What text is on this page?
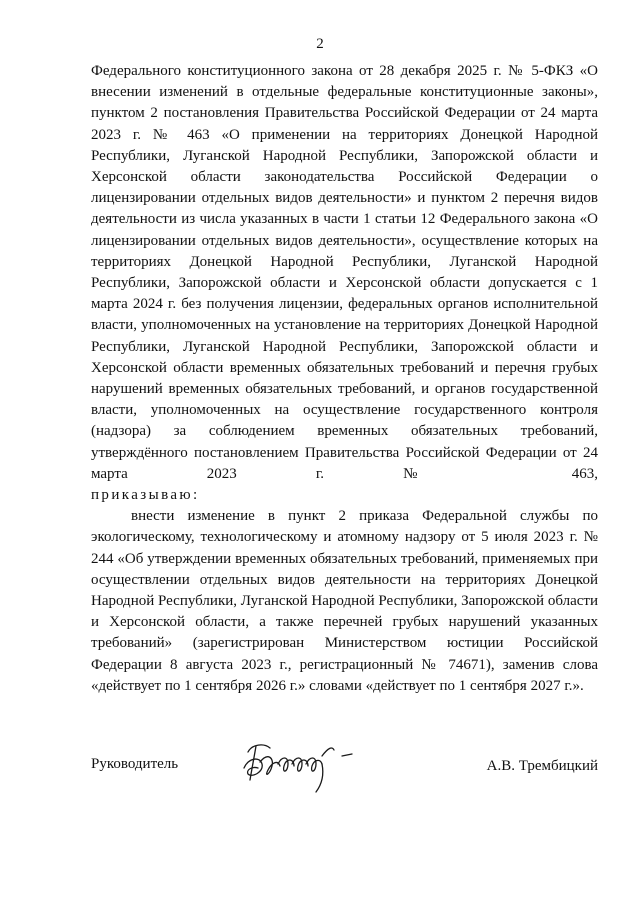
2

Федерального конституционного закона от 28 декабря 2025 г. № 5-ФКЗ «О внесении изменений в отдельные федеральные конституционные законы», пунктом 2 постановления Правительства Российской Федерации от 24 марта 2023 г. № 463 «О применении на территориях Донецкой Народной Республики, Луганской Народной Республики, Запорожской области и Херсонской области законодательства Российской Федерации о лицензировании отдельных видов деятельности» и пунктом 2 перечня видов деятельности из числа указанных в части 1 статьи 12 Федерального закона «О лицензировании отдельных видов деятельности», осуществление которых на территориях Донецкой Народной Республики, Луганской Народной Республики, Запорожской области и Херсонской области допускается с 1 марта 2024 г. без получения лицензии, федеральных органов исполнительной власти, уполномоченных на установление на территориях Донецкой Народной Республики, Луганской Народной Республики, Запорожской области и Херсонской области временных обязательных требований и перечня грубых нарушений временных обязательных требований, и органов государственной власти, уполномоченных на осуществление государственного контроля (надзора) за соблюдением временных обязательных требований, утверждённого постановлением Правительства Российской Федерации от 24 марта 2023 г. № 463,

приказываю:

внести изменение в пункт 2 приказа Федеральной службы по экологическому, технологическому и атомному надзору от 5 июля 2023 г. № 244 «Об утверждении временных обязательных требований, применяемых при осуществлении отдельных видов деятельности на территориях Донецкой Народной Республики, Луганской Народной Республики, Запорожской области и Херсонской области, а также перечней грубых нарушений указанных требований» (зарегистрирован Министерством юстиции Российской Федерации 8 августа 2023 г., регистрационный № 74671), заменив слова «действует по 1 сентября 2026 г.» словами «действует по 1 сентября 2027 г.».

Руководитель	А.В. Трембицкий
